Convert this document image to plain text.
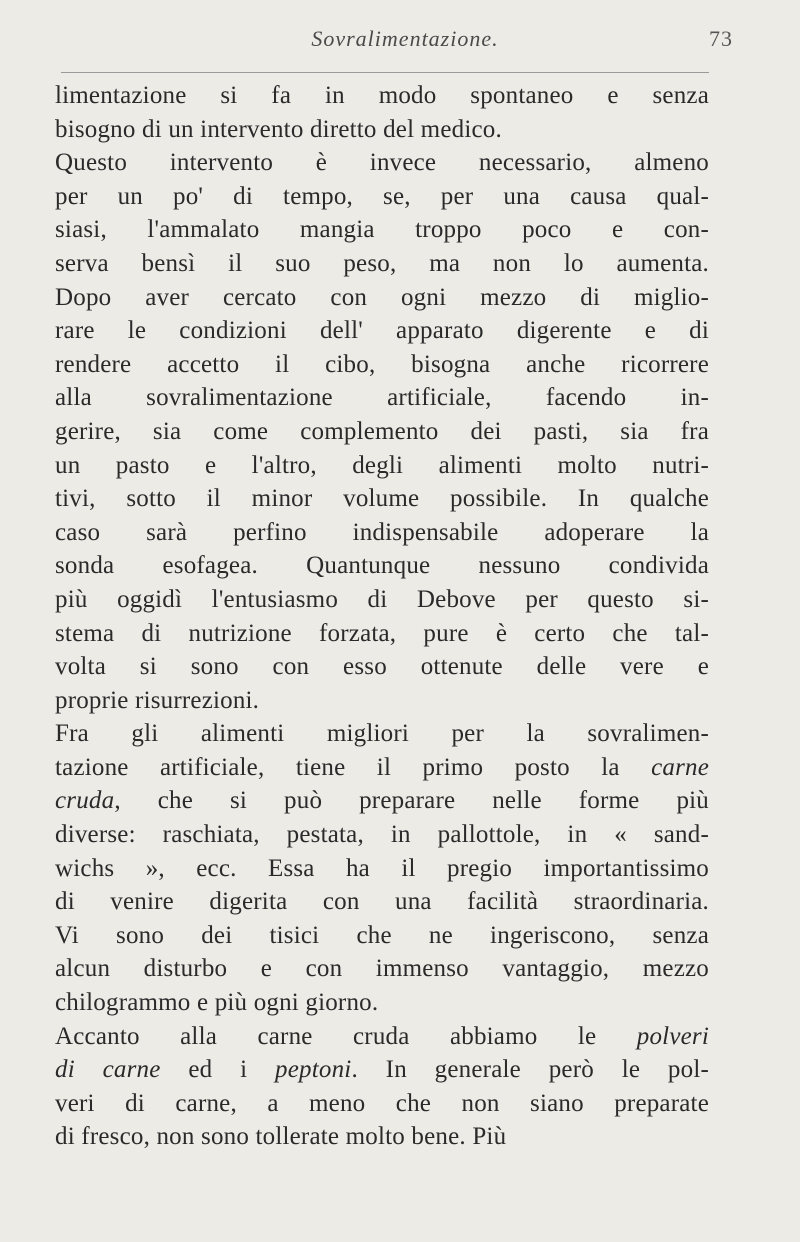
Sovralimentazione.	73
limentazione si fa in modo spontaneo e senza
bisogno di un intervento diretto del medico.
Questo intervento è invece necessario, almeno
per un po' di tempo, se, per una causa qual-
siasi, l'ammalato mangia troppo poco e con-
serva bensì il suo peso, ma non lo aumenta.
Dopo aver cercato con ogni mezzo di miglio-
rare le condizioni dell' apparato digerente e di
rendere accetto il cibo, bisogna anche ricorrere
alla sovralimentazione artificiale, facendo in-
gerire, sia come complemento dei pasti, sia fra
un pasto e l'altro, degli alimenti molto nutri-
tivi, sotto il minor volume possibile. In qualche
caso sarà perfino indispensabile adoperare la
sonda esofagea. Quantunque nessuno condivida
più oggidì l'entusiasmo di Debove per questo si-
stema di nutrizione forzata, pure è certo che tal-
volta si sono con esso ottenute delle vere e
proprie risurrezioni.
Fra gli alimenti migliori per la sovralimen-
tazione artificiale, tiene il primo posto la carne
cruda, che si può preparare nelle forme più
diverse: raschiata, pestata, in pallottole, in « sand-
wichs », ecc. Essa ha il pregio importantissimo
di venire digerita con una facilità straordinaria.
Vi sono dei tisici che ne ingeriscono, senza
alcun disturbo e con immenso vantaggio, mezzo
chilogrammo e più ogni giorno.
Accanto alla carne cruda abbiamo le polveri
di carne ed i peptoni. In generale però le pol-
veri di carne, a meno che non siano preparate
di fresco, non sono tollerate molto bene. Più
